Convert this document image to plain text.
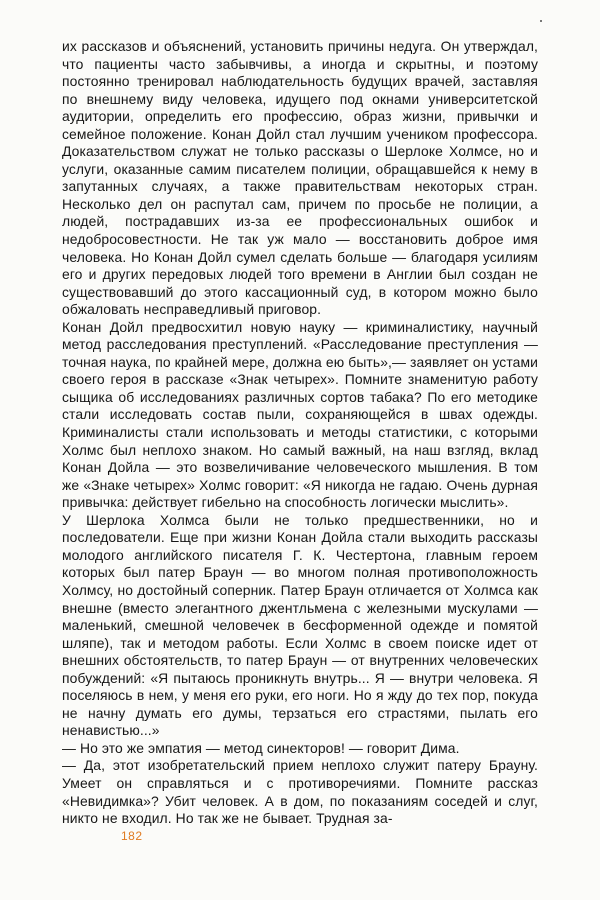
их рассказов и объяснений, установить причины недуга. Он утверждал, что пациенты часто забывчивы, а иногда и скрытны, и поэтому постоянно тренировал наблюдательность будущих врачей, заставляя по внешнему виду человека, идущего под окнами университетской аудитории, определить его профессию, образ жизни, привычки и семейное положение. Конан Дойл стал лучшим учеником профессора. Доказательством служат не только рассказы о Шерлоке Холмсе, но и услуги, оказанные самим писателем полиции, обращавшейся к нему в запутанных случаях, а также правительствам некоторых стран. Несколько дел он распутал сам, причем по просьбе не полиции, а людей, пострадавших из-за ее профессиональных ошибок и недобросовестности. Не так уж мало — восстановить доброе имя человека. Но Конан Дойл сумел сделать больше — благодаря усилиям его и других передовых людей того времени в Англии был создан не существовавший до этого кассационный суд, в котором можно было обжаловать несправедливый приговор.

Конан Дойл предвосхитил новую науку — криминалистику, научный метод расследования преступлений. «Расследование преступления — точная наука, по крайней мере, должна ею быть»,— заявляет он устами своего героя в рассказе «Знак четырех». Помните знаменитую работу сыщика об исследованиях различных сортов табака? По его методике стали исследовать состав пыли, сохраняющейся в швах одежды. Криминалисты стали использовать и методы статистики, с которыми Холмс был неплохо знаком. Но самый важный, на наш взгляд, вклад Конан Дойла — это возвеличивание человеческого мышления. В том же «Знаке четырех» Холмс говорит: «Я никогда не гадаю. Очень дурная привычка: действует гибельно на способность логически мыслить».

У Шерлока Холмса были не только предшественники, но и последователи. Еще при жизни Конан Дойла стали выходить рассказы молодого английского писателя Г. К. Честертона, главным героем которых был патер Браун — во многом полная противоположность Холмсу, но достойный соперник. Патер Браун отличается от Холмса как внешне (вместо элегантного джентльмена с железными мускулами — маленький, смешной человечек в бесформенной одежде и помятой шляпе), так и методом работы. Если Холмс в своем поиске идет от внешних обстоятельств, то патер Браун — от внутренних человеческих побуждений: «Я пытаюсь проникнуть внутрь... Я — внутри человека. Я поселяюсь в нем, у меня его руки, его ноги. Но я жду до тех пор, покуда не начну думать его думы, терзаться его страстями, пылать его ненавистью...»

— Но это же эмпатия — метод синекторов! — говорит Дима.

— Да, этот изобретательский прием неплохо служит патеру Брауну. Умеет он справляться и с противоречиями. Помните рассказ «Невидимка»? Убит человек. А в дом, по показаниям соседей и слуг, никто не входил. Но так же не бывает. Трудная за-

182
